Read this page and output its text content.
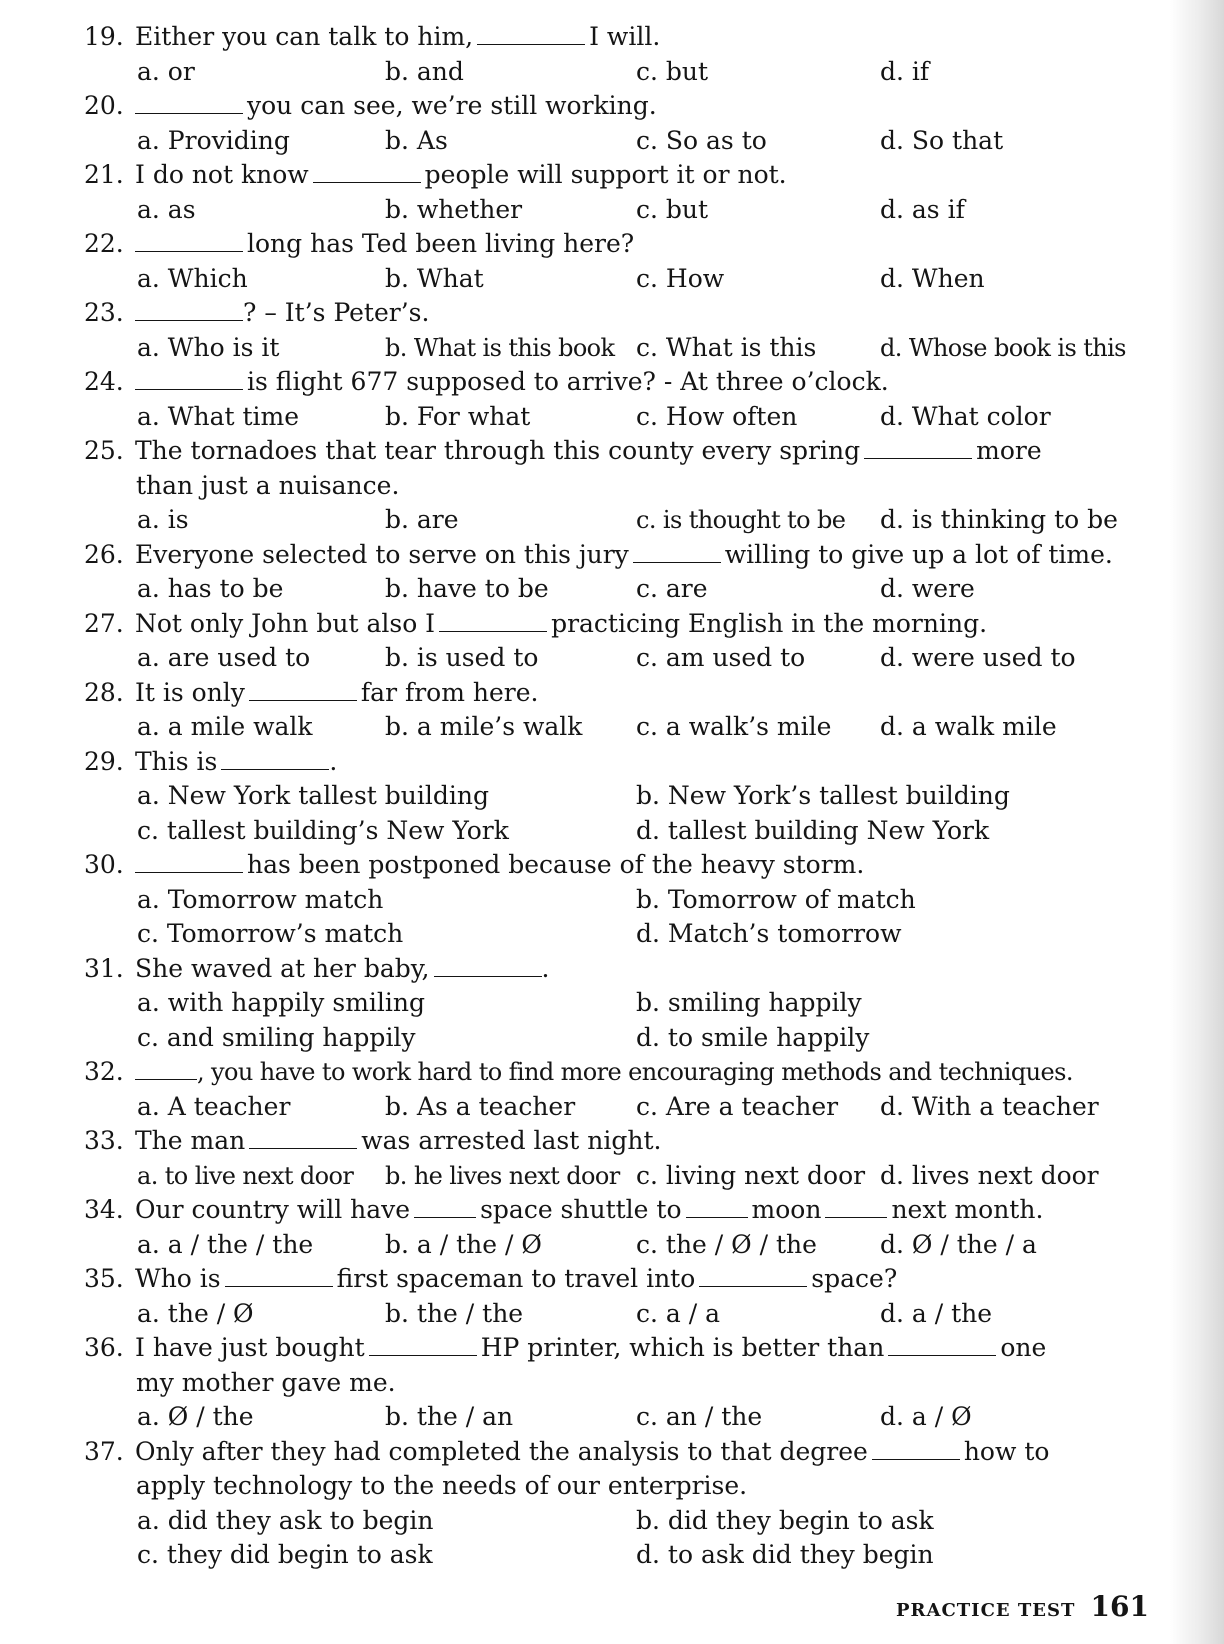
19. Either you can talk to him,	I will.
a. or	b. and	c. but	d. if
20.	you can see, we’re still working.
a. Providing	b. As	c. So as to	d. So that
21. I do not know	people will support it or not.
a. as	b. whether	c. but	d. as if
22.	long has Ted been living here?
a. Which	b. What	c. How	d. When
23.	? – It’s Peter’s.
a. Who is it	b. What is this book c. What is this	d. Whose book is this
24.	is flight 677 supposed to arrive? - At three o’clock.
a. What time	b. For what	c. How often	d. What color
25. The tornadoes that tear through this county every spring	more
than just a nuisance.
a. is	b. are	c. is thought to be d. is thinking to be
26. Everyone selected to serve on this jury	willing to give up a lot of time.
a. has to be	b. have to be	c. are	d. were
27. Not only John but also I	practicing English in the morning.
a. are used to	b. is used to	c. am used to	d. were used to
28. It is only	far from here.
a. a mile walk	b. a mile’s walk c. a walk’s mile d. a walk mile
29. This is	.
a. New York tallest building	b. New York’s tallest building
c. tallest building’s New York	d. tallest building New York
30.	has been postponed because of the heavy storm.
a. Tomorrow match	b. Tomorrow of match
c. Tomorrow’s match	d. Match’s tomorrow
31. She waved at her baby,	.
a. with happily smiling	b. smiling happily
c. and smiling happily	d. to smile happily
32.	, you have to work hard to find more encouraging methods and techniques.
a. A teacher	b. As a teacher c. Are a teacher d. With a teacher
33. The man	was arrested last night.
a. to live next door b. he lives next door c. living next door d. lives next door
34. Our country will have	space shuttle to	moon	next month.
a. a / the / the	b. a / the / Ø	c. the / Ø / the	d. Ø / the / a
35. Who is	first spaceman to travel into	space?
a. the / Ø	b. the / the	c. a / a	d. a / the
36. I have just bought	HP printer, which is better than	one
my mother gave me.
a. Ø / the	b. the / an	c. an / the	d. a / Ø
37. Only after they had completed the analysis to that degree	how to
apply technology to the needs of our enterprise.
a. did they ask to begin	b. did they begin to ask
c. they did begin to ask	d. to ask did they begin
PRACTICE TEST 161
